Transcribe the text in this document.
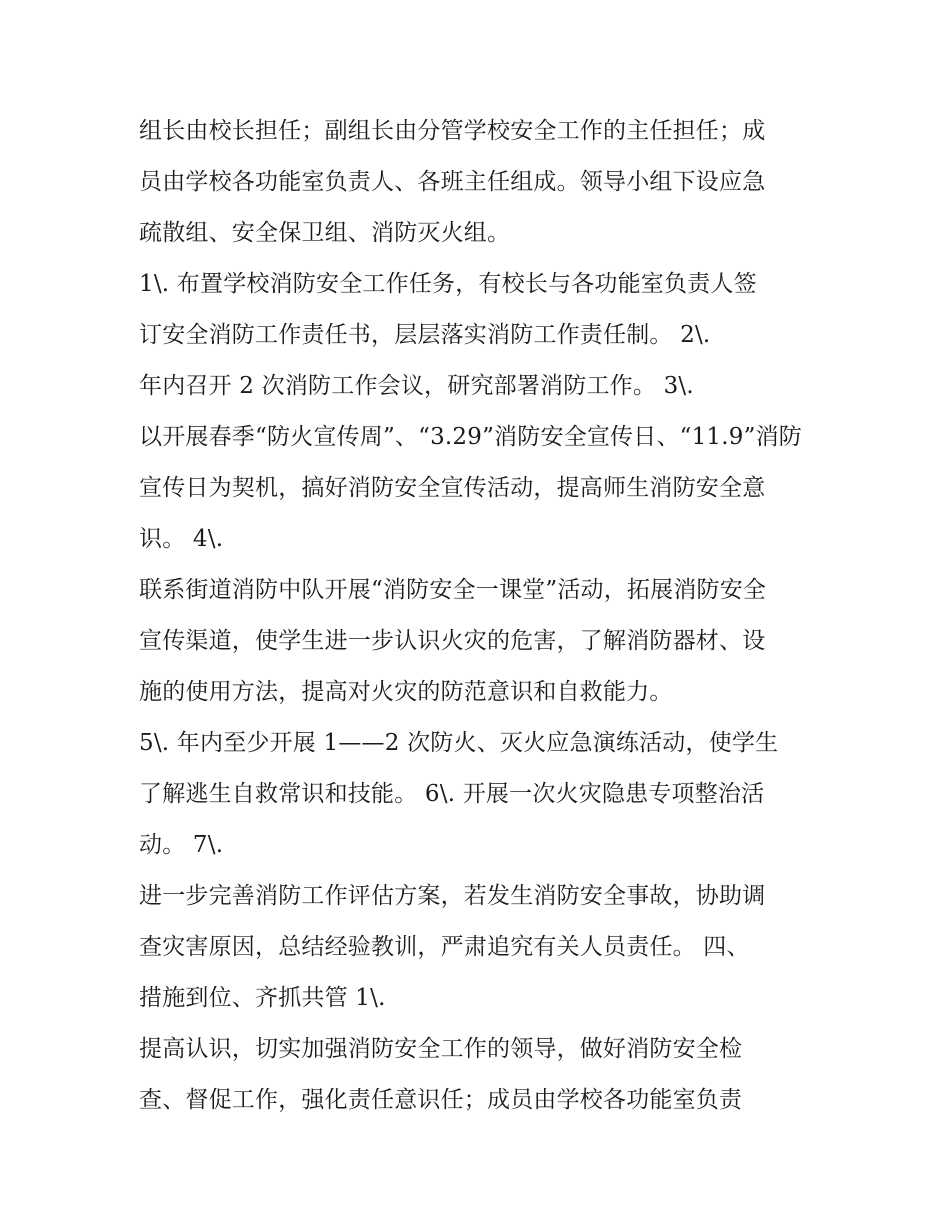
组长由校长担任；副组长由分管学校安全工作的主任担任；成
员由学校各功能室负责人、各班主任组成。领导小组下设应急
疏散组、安全保卫组、消防灭火组。
1\. 布置学校消防安全工作任务，有校长与各功能室负责人签
订安全消防工作责任书，层层落实消防工作责任制。 2\.
年内召开 2 次消防工作会议，研究部署消防工作。 3\.
以开展春季“防火宣传周”、“3.29”消防安全宣传日、“11.9”消防
宣传日为契机，搞好消防安全宣传活动，提高师生消防安全意
识。 4\.
联系街道消防中队开展“消防安全一课堂”活动，拓展消防安全
宣传渠道，使学生进一步认识火灾的危害，了解消防器材、设
施的使用方法，提高对火灾的防范意识和自救能力。
5\. 年内至少开展 1——2 次防火、灭火应急演练活动，使学生
了解逃生自救常识和技能。 6\. 开展一次火灾隐患专项整治活
动。 7\.
进一步完善消防工作评估方案，若发生消防安全事故，协助调
查灾害原因，总结经验教训，严肃追究有关人员责任。 四、
措施到位、齐抓共管 1\.
提高认识，切实加强消防安全工作的领导，做好消防安全检
查、督促工作，强化责任意识任；成员由学校各功能室负责
